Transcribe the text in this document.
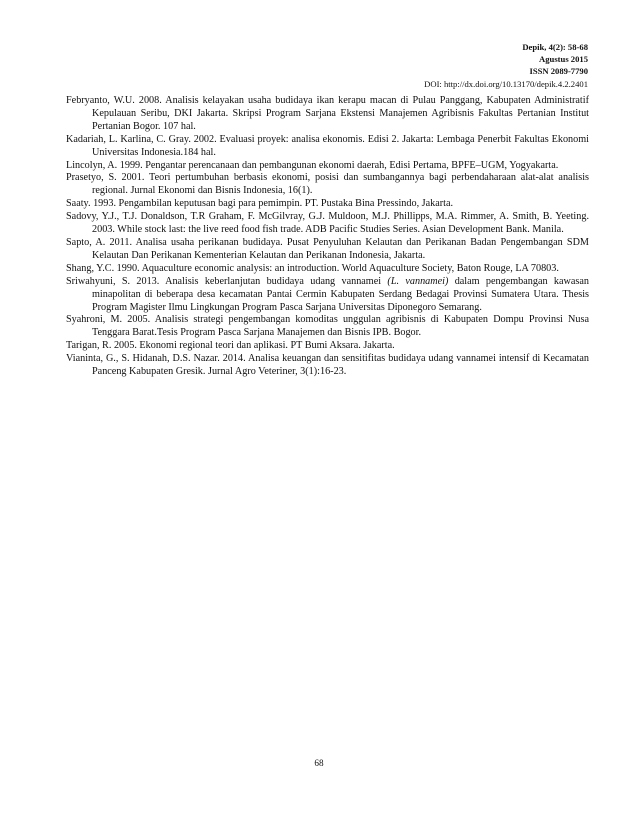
Depik, 4(2): 58-68
Agustus 2015
ISSN 2089-7790
DOI: http://dx.doi.org/10.13170/depik.4.2.2401

Febryanto, W.U. 2008. Analisis kelayakan usaha budidaya ikan kerapu macan di Pulau Panggang, Kabupaten Administratif Kepulauan Seribu, DKI Jakarta. Skripsi Program Sarjana Ekstensi Manajemen Agribisnis Fakultas Pertanian Institut Pertanian Bogor. 107 hal.

Kadariah, L. Karlina, C. Gray. 2002. Evaluasi proyek: analisa ekonomis. Edisi 2. Jakarta: Lembaga Penerbit Fakultas Ekonomi Universitas Indonesia.184 hal.

Lincolyn, A. 1999. Pengantar perencanaan dan pembangunan ekonomi daerah, Edisi Pertama, BPFE–UGM, Yogyakarta.

Prasetyo, S. 2001. Teori pertumbuhan berbasis ekonomi, posisi dan sumbangannya bagi perbendaharaan alat-alat analisis regional. Jurnal Ekonomi dan Bisnis Indonesia, 16(1).

Saaty. 1993. Pengambilan keputusan bagi para pemimpin. PT. Pustaka Bina Pressindo, Jakarta.

Sadovy, Y.J., T.J. Donaldson, T.R Graham, F. McGilvray, G.J. Muldoon, M.J. Phillipps, M.A. Rimmer, A. Smith, B. Yeeting. 2003. While stock last: the live reed food fish trade. ADB Pacific Studies Series. Asian Development Bank. Manila.

Sapto, A. 2011. Analisa usaha perikanan budidaya. Pusat Penyuluhan Kelautan dan Perikanan Badan Pengembangan SDM Kelautan Dan Perikanan Kementerian Kelautan dan Perikanan Indonesia, Jakarta.

Shang, Y.C. 1990. Aquaculture economic analysis: an introduction. World Aquaculture Society, Baton Rouge, LA 70803.

Sriwahyuni, S. 2013. Analisis keberlanjutan budidaya udang vannamei (L. vannamei) dalam pengembangan kawasan minapolitan di beberapa desa kecamatan Pantai Cermin Kabupaten Serdang Bedagai Provinsi Sumatera Utara. Thesis Program Magister Ilmu Lingkungan Program Pasca Sarjana Universitas Diponegoro Semarang.

Syahroni, M. 2005. Analisis strategi pengembangan komoditas unggulan agribisnis di Kabupaten Dompu Provinsi Nusa Tenggara Barat.Tesis Program Pasca Sarjana Manajemen dan Bisnis IPB. Bogor.

Tarigan, R. 2005. Ekonomi regional teori dan aplikasi. PT Bumi Aksara. Jakarta.

Vianinta, G., S. Hidanah, D.S. Nazar. 2014. Analisa keuangan dan sensitifitas budidaya udang vannamei intensif di Kecamatan Panceng Kabupaten Gresik. Jurnal Agro Veteriner, 3(1):16-23.

68
